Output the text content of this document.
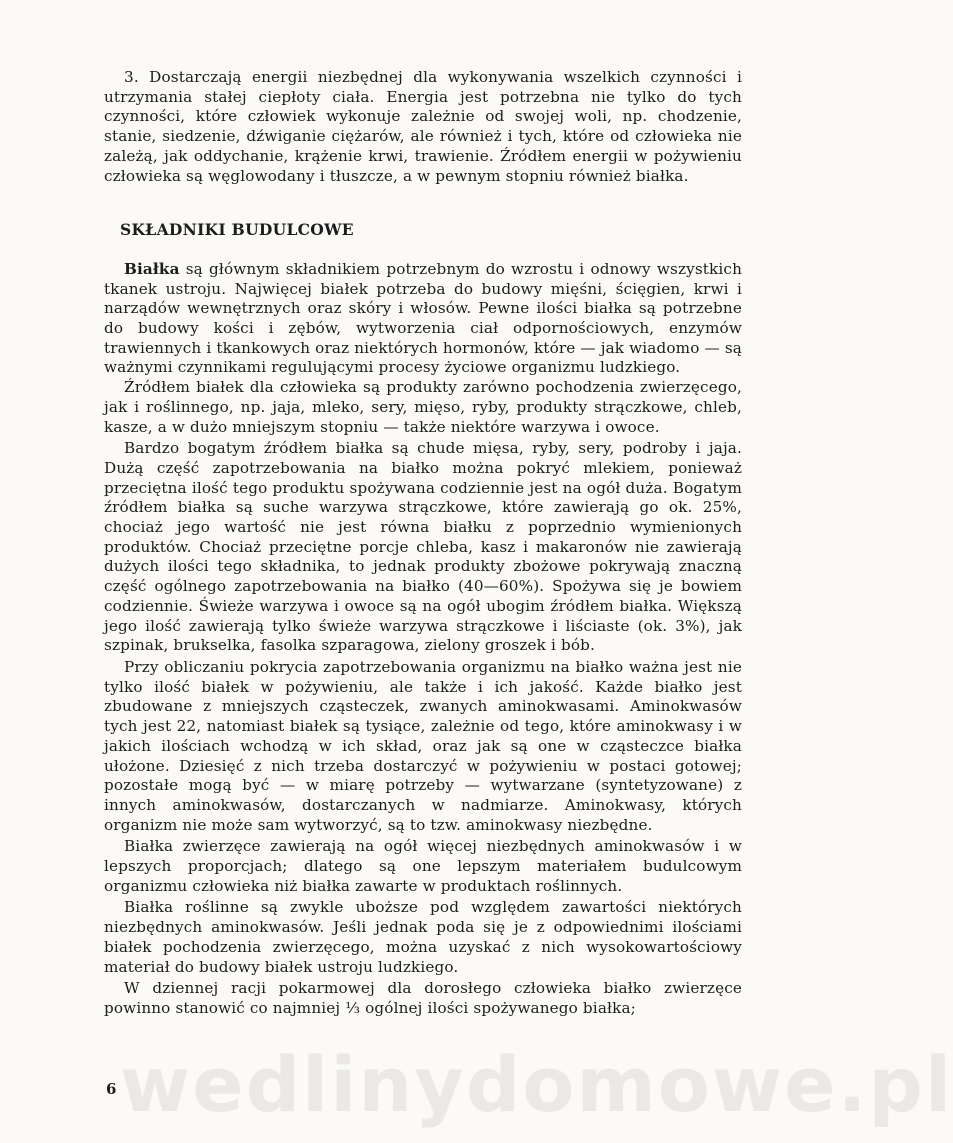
3. Dostarczają energii niezbędnej dla wykonywania wszelkich czynności i utrzymania stałej ciepłoty ciała. Energia jest potrzebna nie tylko do tych czynności, które człowiek wykonuje zależnie od swojej woli, np. chodzenie, stanie, siedzenie, dźwiganie ciężarów, ale również i tych, które od człowieka nie zależą, jak oddychanie, krążenie krwi, trawienie. Źródłem energii w pożywieniu człowieka są węglowodany i tłuszcze, a w pewnym stopniu również białka.

SKŁADNIKI BUDULCOWE

Białka są głównym składnikiem potrzebnym do wzrostu i odnowy wszystkich tkanek ustroju. Najwięcej białek potrzeba do budowy mięśni, ścięgien, krwi i narządów wewnętrznych oraz skóry i włosów. Pewne ilości białka są potrzebne do budowy kości i zębów, wytworzenia ciał odpornościowych, enzymów trawiennych i tkankowych oraz niektórych hormonów, które — jak wiadomo — są ważnymi czynnikami regulującymi procesy życiowe organizmu ludzkiego.

Źródłem białek dla człowieka są produkty zarówno pochodzenia zwierzęcego, jak i roślinnego, np. jaja, mleko, sery, mięso, ryby, produkty strączkowe, chleb, kasze, a w dużo mniejszym stopniu — także niektóre warzywa i owoce.

Bardzo bogatym źródłem białka są chude mięsa, ryby, sery, podroby i jaja. Dużą część zapotrzebowania na białko można pokryć mlekiem, ponieważ przeciętna ilość tego produktu spożywana codziennie jest na ogół duża. Bogatym źródłem białka są suche warzywa strączkowe, które zawierają go ok. 25%, chociaż jego wartość nie jest równa białku z poprzednio wymienionych produktów. Chociaż przeciętne porcje chleba, kasz i makaronów nie zawierają dużych ilości tego składnika, to jednak produkty zbożowe pokrywają znaczną część ogólnego zapotrzebowania na białko (40—60%). Spożywa się je bowiem codziennie. Świeże warzywa i owoce są na ogół ubogim źródłem białka. Większą jego ilość zawierają tylko świeże warzywa strączkowe i liściaste (ok. 3%), jak szpinak, brukselka, fasolka szparagowa, zielony groszek i bób.

Przy obliczaniu pokrycia zapotrzebowania organizmu na białko ważna jest nie tylko ilość białek w pożywieniu, ale także i ich jakość. Każde białko jest zbudowane z mniejszych cząsteczek, zwanych aminokwasami. Aminokwasów tych jest 22, natomiast białek są tysiące, zależnie od tego, które aminokwasy i w jakich ilościach wchodzą w ich skład, oraz jak są one w cząsteczce białka ułożone. Dziesięć z nich trzeba dostarczyć w pożywieniu w postaci gotowej; pozostałe mogą być — w miarę potrzeby — wytwarzane (syntetyzowane) z innych aminokwasów, dostarczanych w nadmiarze. Aminokwasy, których organizm nie może sam wytworzyć, są to tzw. aminokwasy niezbędne.

Białka zwierzęce zawierają na ogół więcej niezbędnych aminokwasów i w lepszych proporcjach; dlatego są one lepszym materiałem budulcowym organizmu człowieka niż białka zawarte w produktach roślinnych.

Białka roślinne są zwykle uboższe pod względem zawartości niektórych niezbędnych aminokwasów. Jeśli jednak poda się je z odpowiednimi ilościami białek pochodzenia zwierzęcego, można uzyskać z nich wysokowartościowy materiał do budowy białek ustroju ludzkiego.

W dziennej racji pokarmowej dla dorosłego człowieka białko zwierzęce powinno stanowić co najmniej ⅓ ogólnej ilości spożywanego białka;

wedlinydomowe.pl
6
